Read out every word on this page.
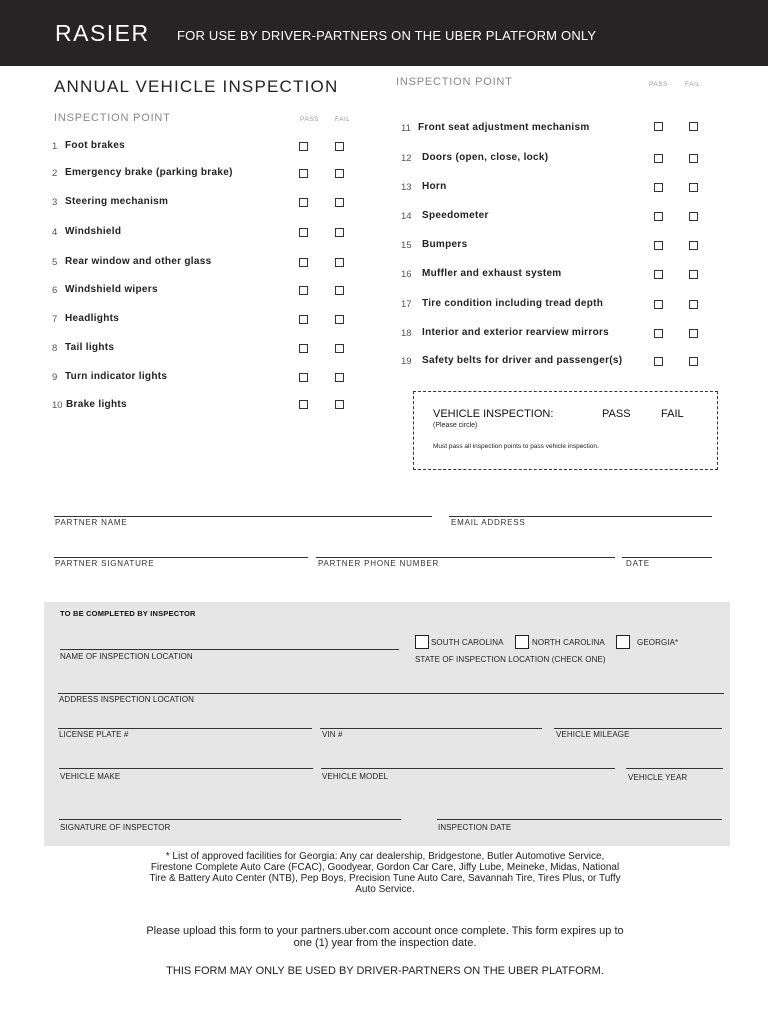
RASIER FOR USE BY DRIVER-PARTNERS ON THE UBER PLATFORM ONLY
ANNUAL VEHICLE INSPECTION
INSPECTION POINT	PASS FAIL
INSPECTION POINT	PASS	FAIL
1 Foot brakes
2 Emergency brake (parking brake)
3 Steering mechanism
4 Windshield
5 Rear window and other glass
6 Windshield wipers
7 Headlights
8 Tail lights
9 Turn indicator lights
10 Brake lights
11 Front seat adjustment mechanism
12 Doors (open, close, lock)
13 Horn
14 Speedometer
15 Bumpers
16 Muffler and exhaust system
17 Tire condition including tread depth
18 Interior and exterior rearview mirrors
19 Safety belts for driver and passenger(s)
VEHICLE INSPECTION:	PASS	FAIL
(Please circle)
Must pass all inspection points to pass vehicle inspection.
PARTNER NAME	EMAIL ADDRESS
PARTNER SIGNATURE	PARTNER PHONE NUMBER	DATE
TO BE COMPLETED BY INSPECTOR
NAME OF INSPECTION LOCATION
SOUTH CAROLINA	NORTH CAROLINA	GEORGIA*
STATE OF INSPECTION LOCATION (CHECK ONE)
ADDRESS INSPECTION LOCATION
LICENSE PLATE #	VIN #	VEHICLE MILEAGE
VEHICLE MAKE	VEHICLE MODEL	VEHICLE YEAR
SIGNATURE OF INSPECTOR	INSPECTION DATE
* List of approved facilities for Georgia: Any car dealership, Bridgestone, Butler Automotive Service,
Firestone Complete Auto Care (FCAC), Goodyear, Gordon Car Care, Jiffy Lube, Meineke, Midas, National
Tire & Battery Auto Center (NTB), Pep Boys, Precision Tune Auto Care, Savannah Tire, Tires Plus, or Tuffy
Auto Service.
Please upload this form to your partners.uber.com account once complete. This form expires up to
one (1) year from the inspection date.
THIS FORM MAY ONLY BE USED BY DRIVER-PARTNERS ON THE UBER PLATFORM.
